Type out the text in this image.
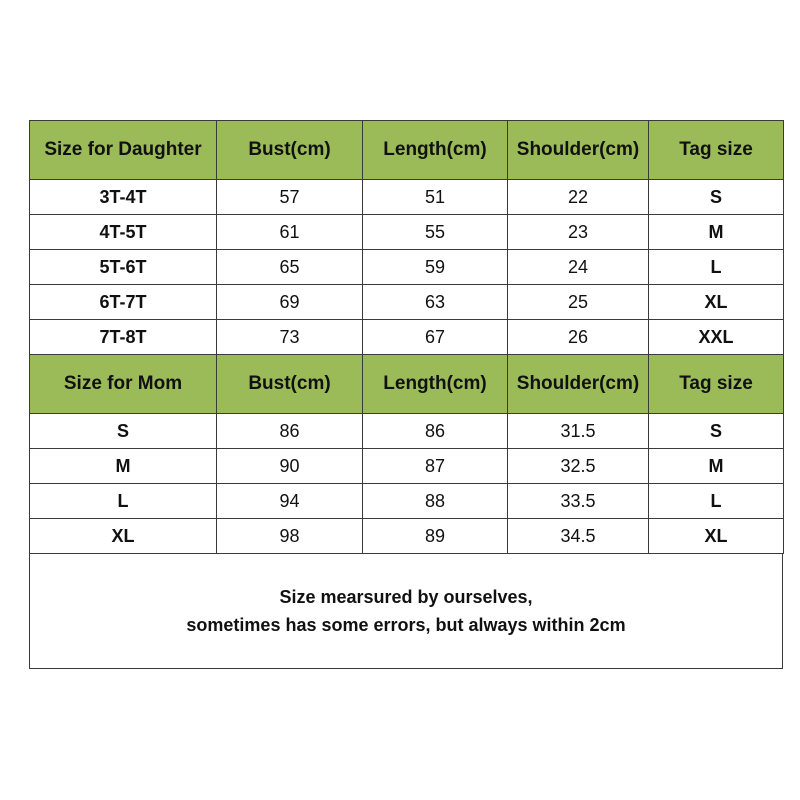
Size for Daughter	Bust(cm)	Length(cm)	Shoulder(cm)	Tag size
3T-4T	57	51	22	S
4T-5T	61	55	23	M
5T-6T	65	59	24	L
6T-7T	69	63	25	XL
7T-8T	73	67	26	XXL
Size for Mom	Bust(cm)	Length(cm)	Shoulder(cm)	Tag size
S	86	86	31.5	S
M	90	87	32.5	M
L	94	88	33.5	L
XL	98	89	34.5	XL
Size mearsured by ourselves,
sometimes has some errors, but always within 2cm
